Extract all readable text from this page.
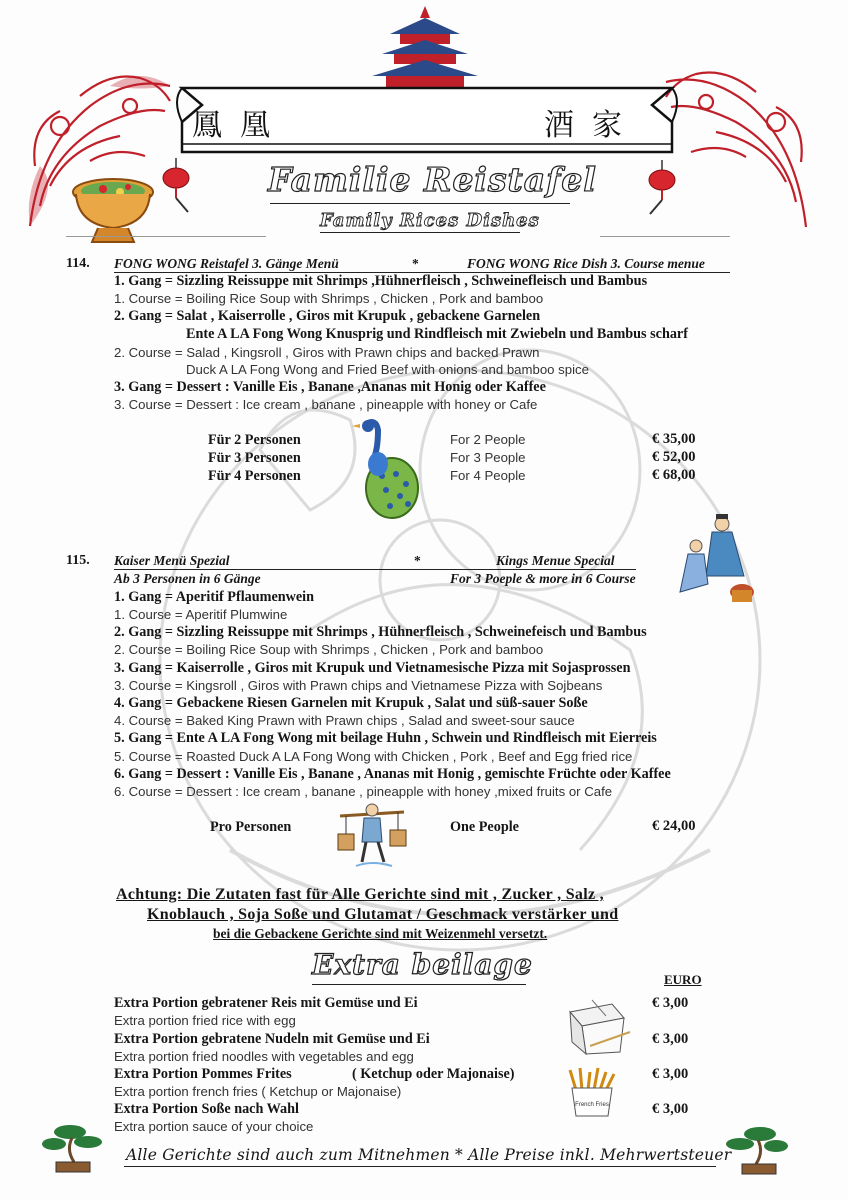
鳳凰	酒家
Familie Reistafel
Family Rices Dishes
114. FONG WONG Reistafel 3. Gänge Menü	*	FONG WONG Rice Dish 3. Course menue
1. Gang = Sizzling Reissuppe mit Shrimps ,Hühnerfleisch , Schweinefleisch und Bambus
1. Course = Boiling Rice Soup with Shrimps , Chicken , Pork and bamboo
2. Gang = Salat , Kaiserrolle , Giros mit Krupuk , gebackene Garnelen
Ente A LA Fong Wong Knusprig und Rindfleisch mit Zwiebeln und Bambus scharf
2. Course = Salad , Kingsroll , Giros with Prawn chips and backed Prawn
Duck A LA Fong Wong and Fried Beef with onions and bamboo spice
3. Gang = Dessert : Vanille Eis , Banane ,Ananas mit Honig oder Kaffee
3. Course = Dessert : Ice cream , banane , pineapple with honey or Cafe
Für 2 Personen	For 2 People	€ 35,00
Für 3 Personen	For 3 People	€ 52,00
Für 4 Personen	For 4 People	€ 68,00
115. Kaiser Menü Spezial	*	Kings Menue Special
Ab 3 Personen in 6 Gänge	For 3 Poeple & more in 6 Course
1. Gang = Aperitif Pflaumenwein
1. Course = Aperitif Plumwine
2. Gang = Sizzling Reissuppe mit Shrimps , Hühnerfleisch , Schweinefeisch und Bambus
2. Course = Boiling Rice Soup with Shrimps , Chicken , Pork and bamboo
3. Gang = Kaiserrolle , Giros mit Krupuk und Vietnamesische Pizza mit Sojasprossen
3. Course = Kingsroll , Giros with Prawn chips and Vietnamese Pizza with Sojbeans
4. Gang = Gebackene Riesen Garnelen mit Krupuk , Salat und süß-sauer Soße
4. Course = Baked King Prawn with Prawn chips , Salad and sweet-sour sauce
5. Gang = Ente A LA Fong Wong mit beilage Huhn , Schwein und Rindfleisch mit Eierreis
5. Course = Roasted Duck A LA Fong Wong with Chicken , Pork , Beef and Egg fried rice
6. Gang = Dessert : Vanille Eis , Banane , Ananas mit Honig , gemischte Früchte oder Kaffee
6. Course = Dessert : Ice cream , banane , pineapple with honey ,mixed fruits or Cafe
Pro Personen	One People	€ 24,00
Achtung: Die Zutaten fast für Alle Gerichte sind mit , Zucker , Salz ,
Knoblauch , Soja Soße und Glutamat / Geschmack verstärker und
bei die Gebackene Gerichte sind mit Weizenmehl versetzt.
Extra beilage	EURO
Extra Portion gebratener Reis mit Gemüse und Ei
Extra portion fried rice with egg
€ 3,00
Extra Portion gebratene Nudeln mit Gemüse und Ei
Extra portion fried noodles with vegetables and egg
€ 3,00
Extra Portion Pommes Frites	( Ketchup oder Majonaise)
Extra portion french fries ( Ketchup or Majonaise)
€ 3,00
Extra Portion Soße nach Wahl
Extra portion sauce of your choice
€ 3,00
French Fries
Alle Gerichte sind auch zum Mitnehmen * Alle Preise inkl. Mehrwertsteuer
